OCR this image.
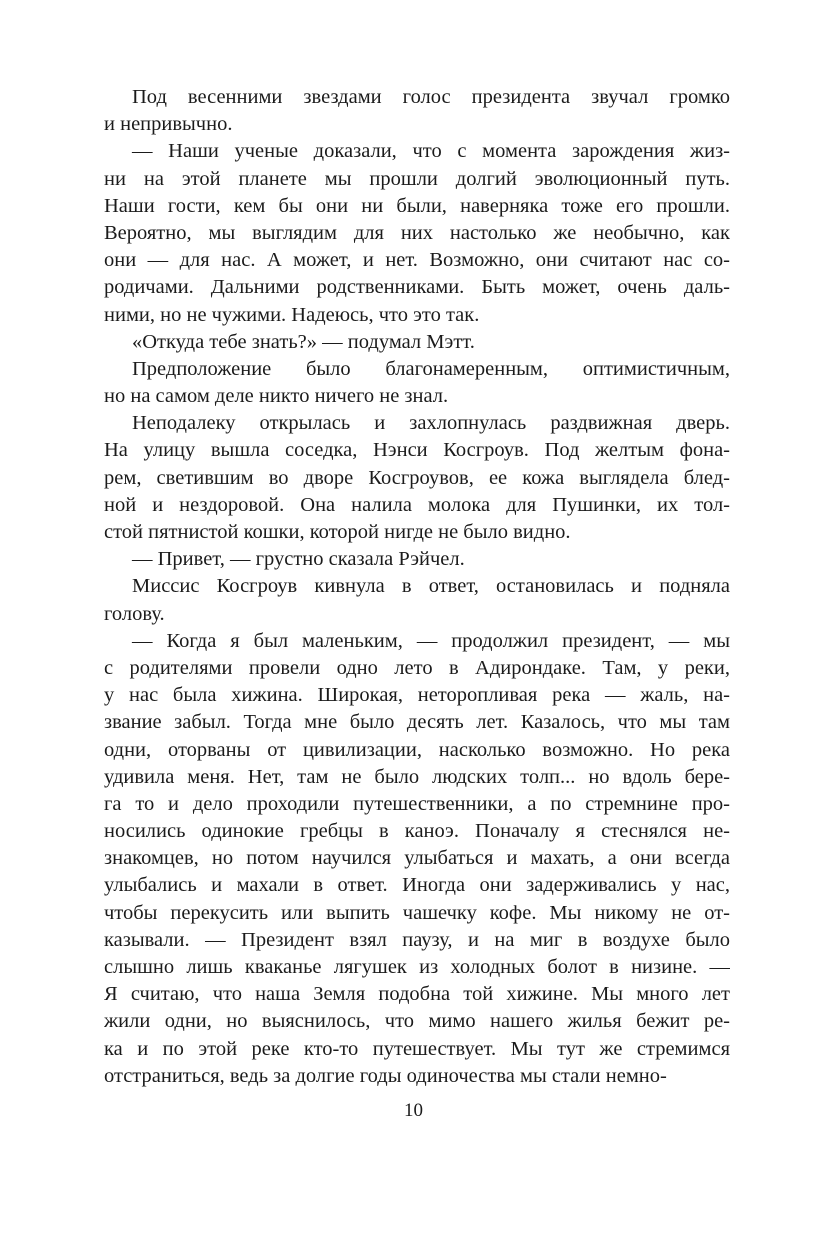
Под весенними звездами голос президента звучал громко
и непривычно.
— Наши ученые доказали, что с момента зарождения жиз-
ни на этой планете мы прошли долгий эволюционный путь.
Наши гости, кем бы они ни были, наверняка тоже его прошли.
Вероятно, мы выглядим для них настолько же необычно, как
они — для нас. А может, и нет. Возможно, они считают нас со-
родичами. Дальними родственниками. Быть может, очень даль-
ними, но не чужими. Надеюсь, что это так.
«Откуда тебе знать?» — подумал Мэтт.
Предположение было благонамеренным, оптимистичным,
но на самом деле никто ничего не знал.
Неподалеку открылась и захлопнулась раздвижная дверь.
На улицу вышла соседка, Нэнси Косгроув. Под желтым фона-
рем, светившим во дворе Косгроувов, ее кожа выглядела блед-
ной и нездоровой. Она налила молока для Пушинки, их тол-
стой пятнистой кошки, которой нигде не было видно.
— Привет, — грустно сказала Рэйчел.
Миссис Косгроув кивнула в ответ, остановилась и подняла
голову.
— Когда я был маленьким, — продолжил президент, — мы
с родителями провели одно лето в Адирондаке. Там, у реки,
у нас была хижина. Широкая, неторопливая река — жаль, на-
звание забыл. Тогда мне было десять лет. Казалось, что мы там
одни, оторваны от цивилизации, насколько возможно. Но река
удивила меня. Нет, там не было людских толп... но вдоль бере-
га то и дело проходили путешественники, а по стремнине про-
носились одинокие гребцы в каноэ. Поначалу я стеснялся не-
знакомцев, но потом научился улыбаться и махать, а они всегда
улыбались и махали в ответ. Иногда они задерживались у нас,
чтобы перекусить или выпить чашечку кофе. Мы никому не от-
казывали. — Президент взял паузу, и на миг в воздухе было
слышно лишь кваканье лягушек из холодных болот в низине. —
Я считаю, что наша Земля подобна той хижине. Мы много лет
жили одни, но выяснилось, что мимо нашего жилья бежит ре-
ка и по этой реке кто-то путешествует. Мы тут же стремимся
отстраниться, ведь за долгие годы одиночества мы стали немно-
10
